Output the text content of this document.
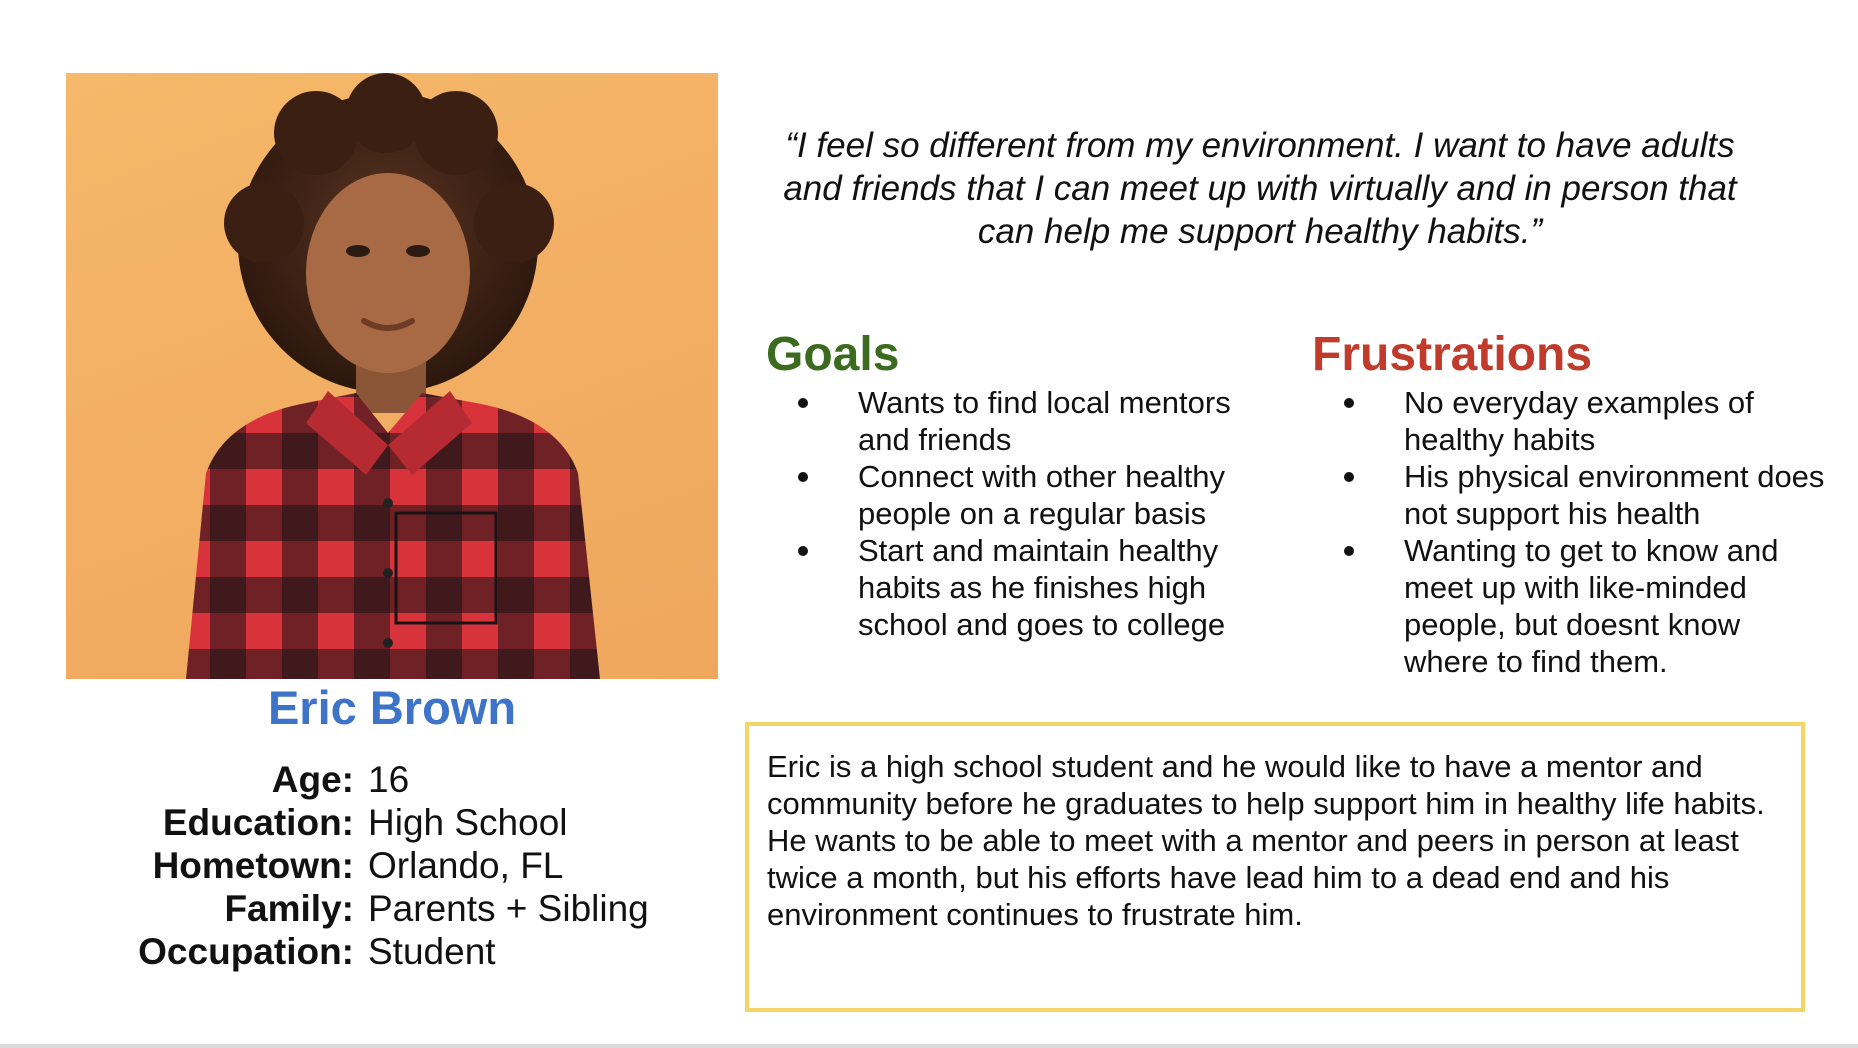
Eric Brown
Age: 16
Education: High School
Hometown: Orlando, FL
Family: Parents + Sibling
Occupation: Student
“I feel so different from my environment. I want to have adults and friends that I can meet up with virtually and in person that can help me support healthy habits.”
Goals
Wants to find local mentors and friends
Connect with other healthy people on a regular basis
Start and maintain healthy habits as he finishes high school and goes to college
Frustrations
No everyday examples of healthy habits
His physical environment does not support his health
Wanting to get to know and meet up with like-minded people, but doesnt know where to find them.

Eric is a high school student and he would like to have a mentor and community before he graduates to help support him in healthy life habits. He wants to be able to meet with a mentor and peers in person at least twice a month, but his efforts have lead him to a dead end and his environment continues to frustrate him.
